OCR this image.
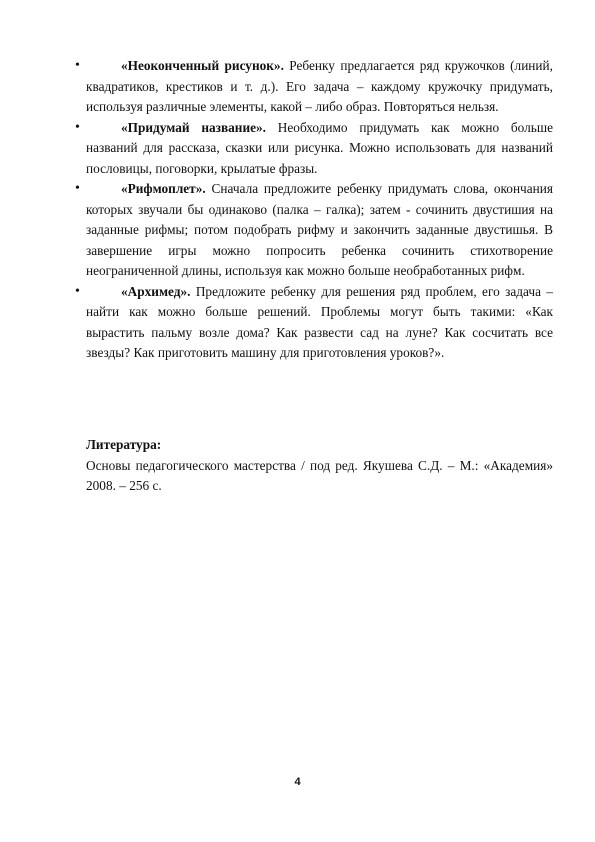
•	«Неоконченный рисунок». Ребенку предлагается ряд кружочков (линий, квадратиков, крестиков и т. д.). Его задача – каждому кружочку придумать, используя различные элементы, какой – либо образ. Повторяться нельзя.
•	«Придумай название». Необходимо придумать как можно больше названий для рассказа, сказки или рисунка. Можно использовать для названий пословицы, поговорки, крылатые фразы.
•	«Рифмоплет». Сначала предложите ребенку придумать слова, окончания которых звучали бы одинаково (палка – галка); затем - сочинить двустишия на заданные рифмы; потом подобрать рифму и закончить заданные двустишья. В завершение игры можно попросить ребенка сочинить стихотворение неограниченной длины, используя как можно больше необработанных рифм.
•	«Архимед». Предложите ребенку для решения ряд проблем, его задача – найти как можно больше решений. Проблемы могут быть такими: «Как вырастить пальму возле дома? Как развести сад на луне? Как сосчитать все звезды? Как приготовить машину для приготовления уроков?».

Литература:

Основы педагогического мастерства / под ред. Якушева С.Д. – М.: «Академия» 2008. – 256 с.

4
